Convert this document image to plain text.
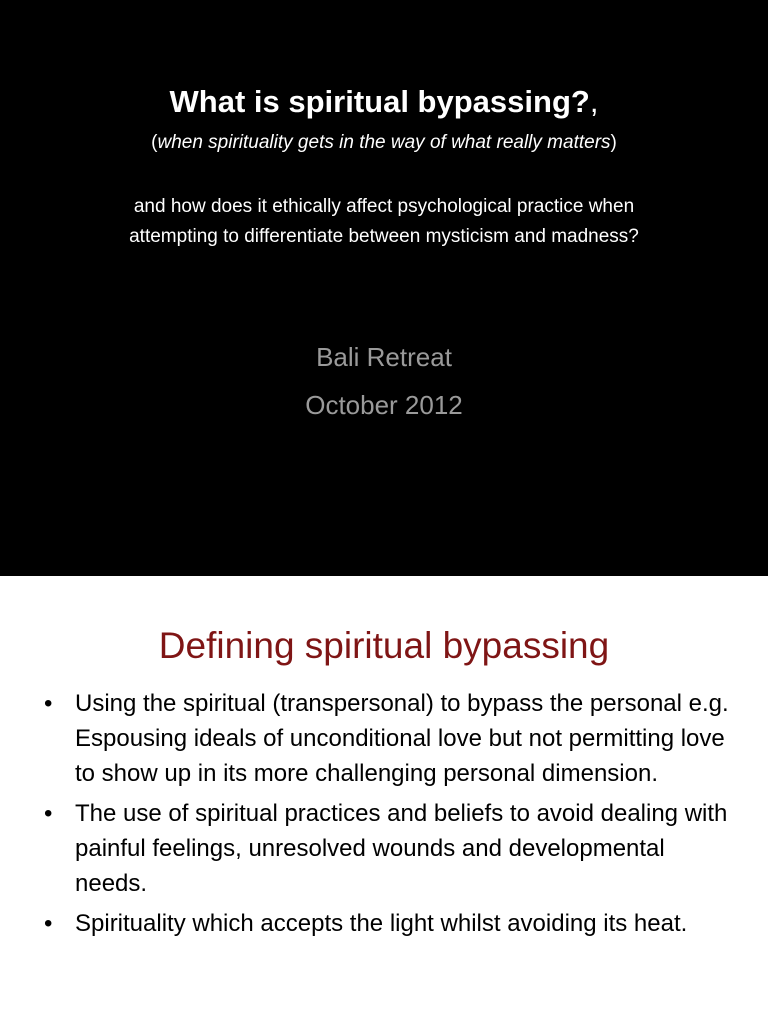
What is spiritual bypassing?,
(when spirituality gets in the way of what really matters)
and how does it ethically affect psychological practice when
attempting to differentiate between mysticism and madness?
Bali Retreat
October 2012
Defining spiritual bypassing
• Using the spiritual (transpersonal) to bypass the personal e.g. Espousing ideals of unconditional love but not permitting love to show up in its more challenging personal dimension.
• The use of spiritual practices and beliefs to avoid dealing with painful feelings, unresolved wounds and developmental needs.
• Spirituality which accepts the light whilst avoiding its heat.
